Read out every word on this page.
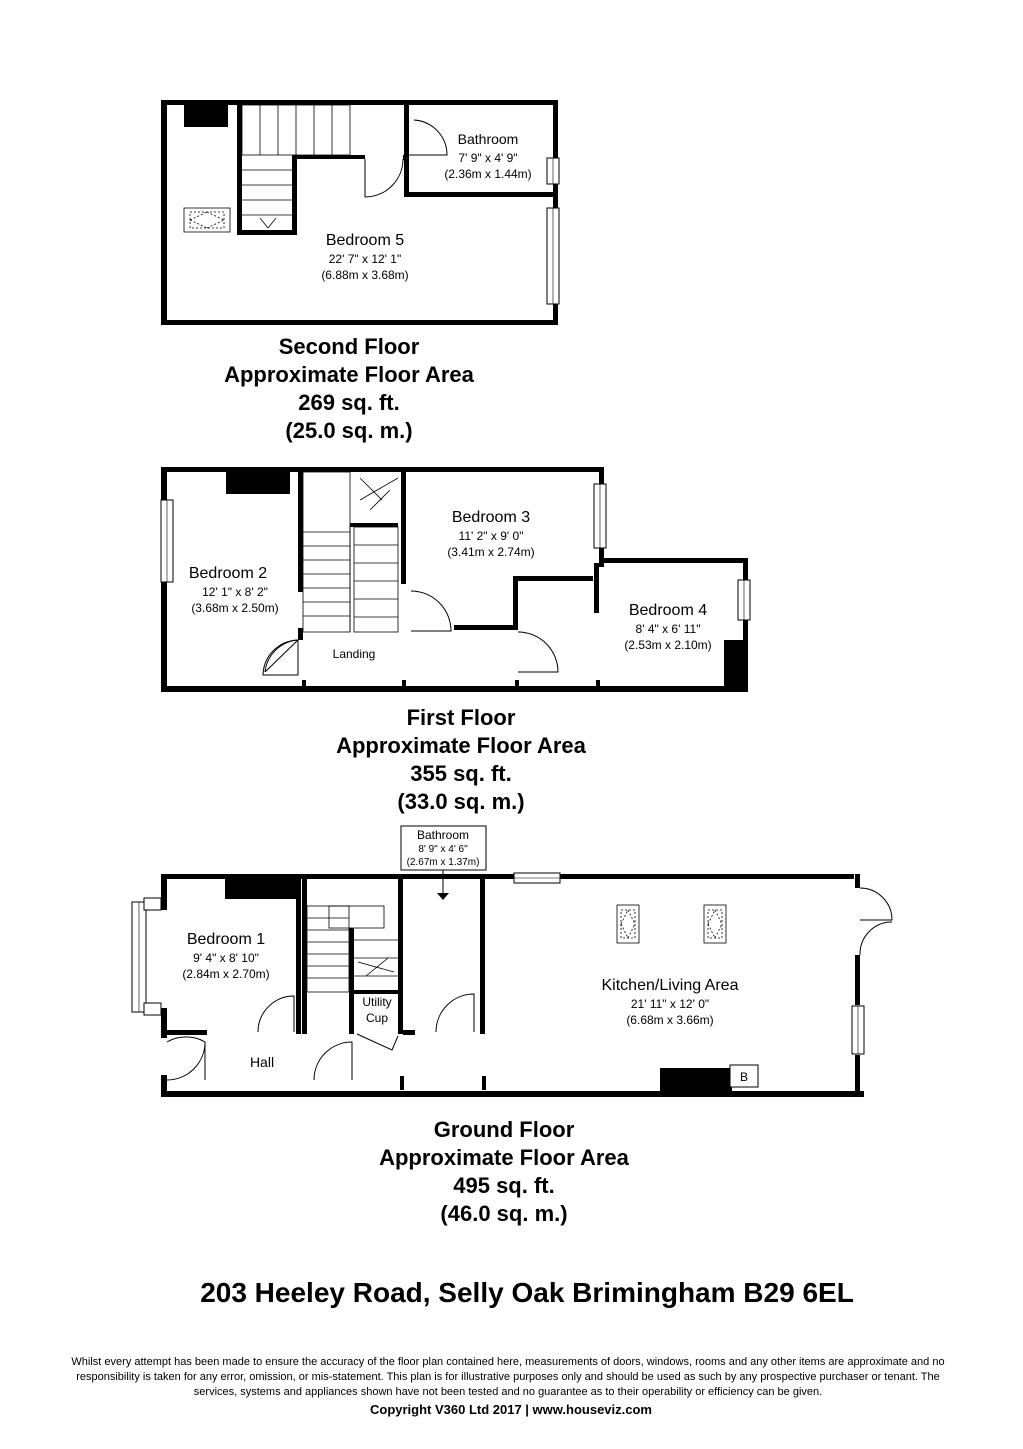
Bathroom
7' 9" x 4' 9"
(2.36m x 1.44m)
Bedroom 5
22' 7" x 12' 1"
(6.88m x 3.68m)
Second Floor
Approximate Floor Area
269 sq. ft.
(25.0 sq. m.)
Bedroom 2
12' 1" x 8' 2"
(3.68m x 2.50m)
Bedroom 3
11' 2" x 9' 0"
(3.41m x 2.74m)
Bedroom 4
8' 4" x 6' 11"
(2.53m x 2.10m)
Landing
First Floor
Approximate Floor Area
355 sq. ft.
(33.0 sq. m.)
Bathroom
8' 9" x 4' 6"
(2.67m x 1.37m)
B
Bedroom 1
9' 4" x 8' 10"
(2.84m x 2.70m)
Hall
Utility
Cup
Kitchen/Living Area
21' 11" x 12' 0"
(6.68m x 3.66m)
Ground Floor
Approximate Floor Area
495 sq. ft.
(46.0 sq. m.)
203 Heeley Road, Selly Oak Brimingham B29 6EL
Whilst every attempt has been made to ensure the accuracy of the floor plan contained here, measurements of doors, windows, rooms and any other items are approximate and no
responsibility is taken for any error, omission, or mis-statement. This plan is for illustrative purposes only and should be used as such by any prospective purchaser or tenant. The
services, systems and appliances shown have not been tested and no guarantee as to their operability or efficiency can be given.
Copyright V360 Ltd 2017 | www.houseviz.com
